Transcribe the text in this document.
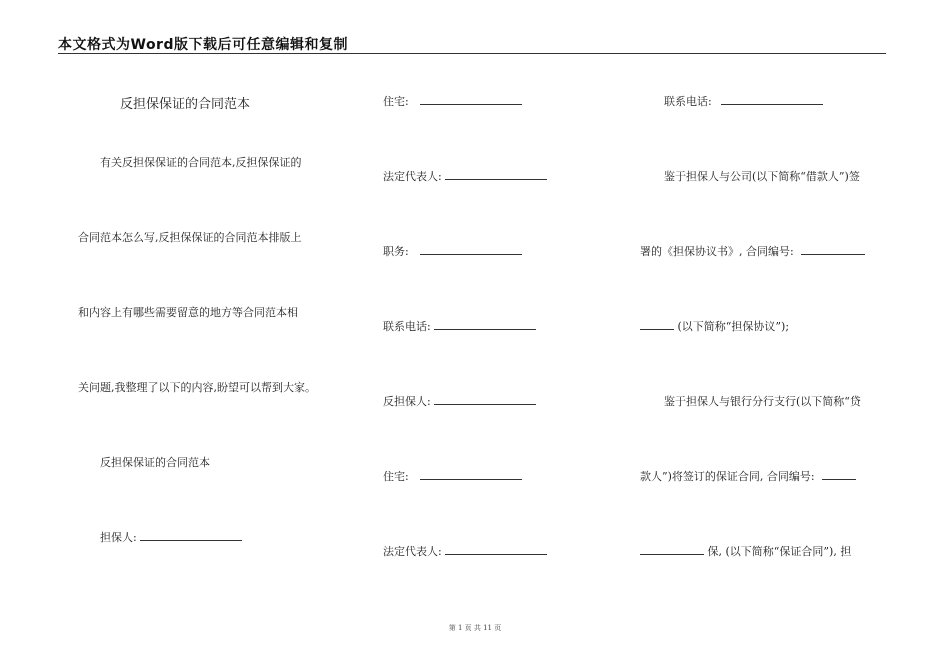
本文格式为Word版下载后可任意编辑和复制
反担保保证的合同范本
有关反担保保证的合同范本,反担保保证的
合同范本怎么写,反担保保证的合同范本排版上
和内容上有哪些需要留意的地方等合同范本相
关问题,我整理了以下的内容,盼望可以帮到大家。
反担保保证的合同范本
担保人:
住宅:
法定代表人:
职务:
联系电话:
反担保人:
住宅:
法定代表人:
联系电话:
鉴于担保人与公司(以下简称“借款人”)签
署的《担保协议书》, 合同编号:
(以下简称“担保协议”);
鉴于担保人与银行分行支行(以下简称“贷
款人”)将签订的保证合同, 合同编号:
保, (以下简称“保证合同”), 担
第 1 页 共 11 页
